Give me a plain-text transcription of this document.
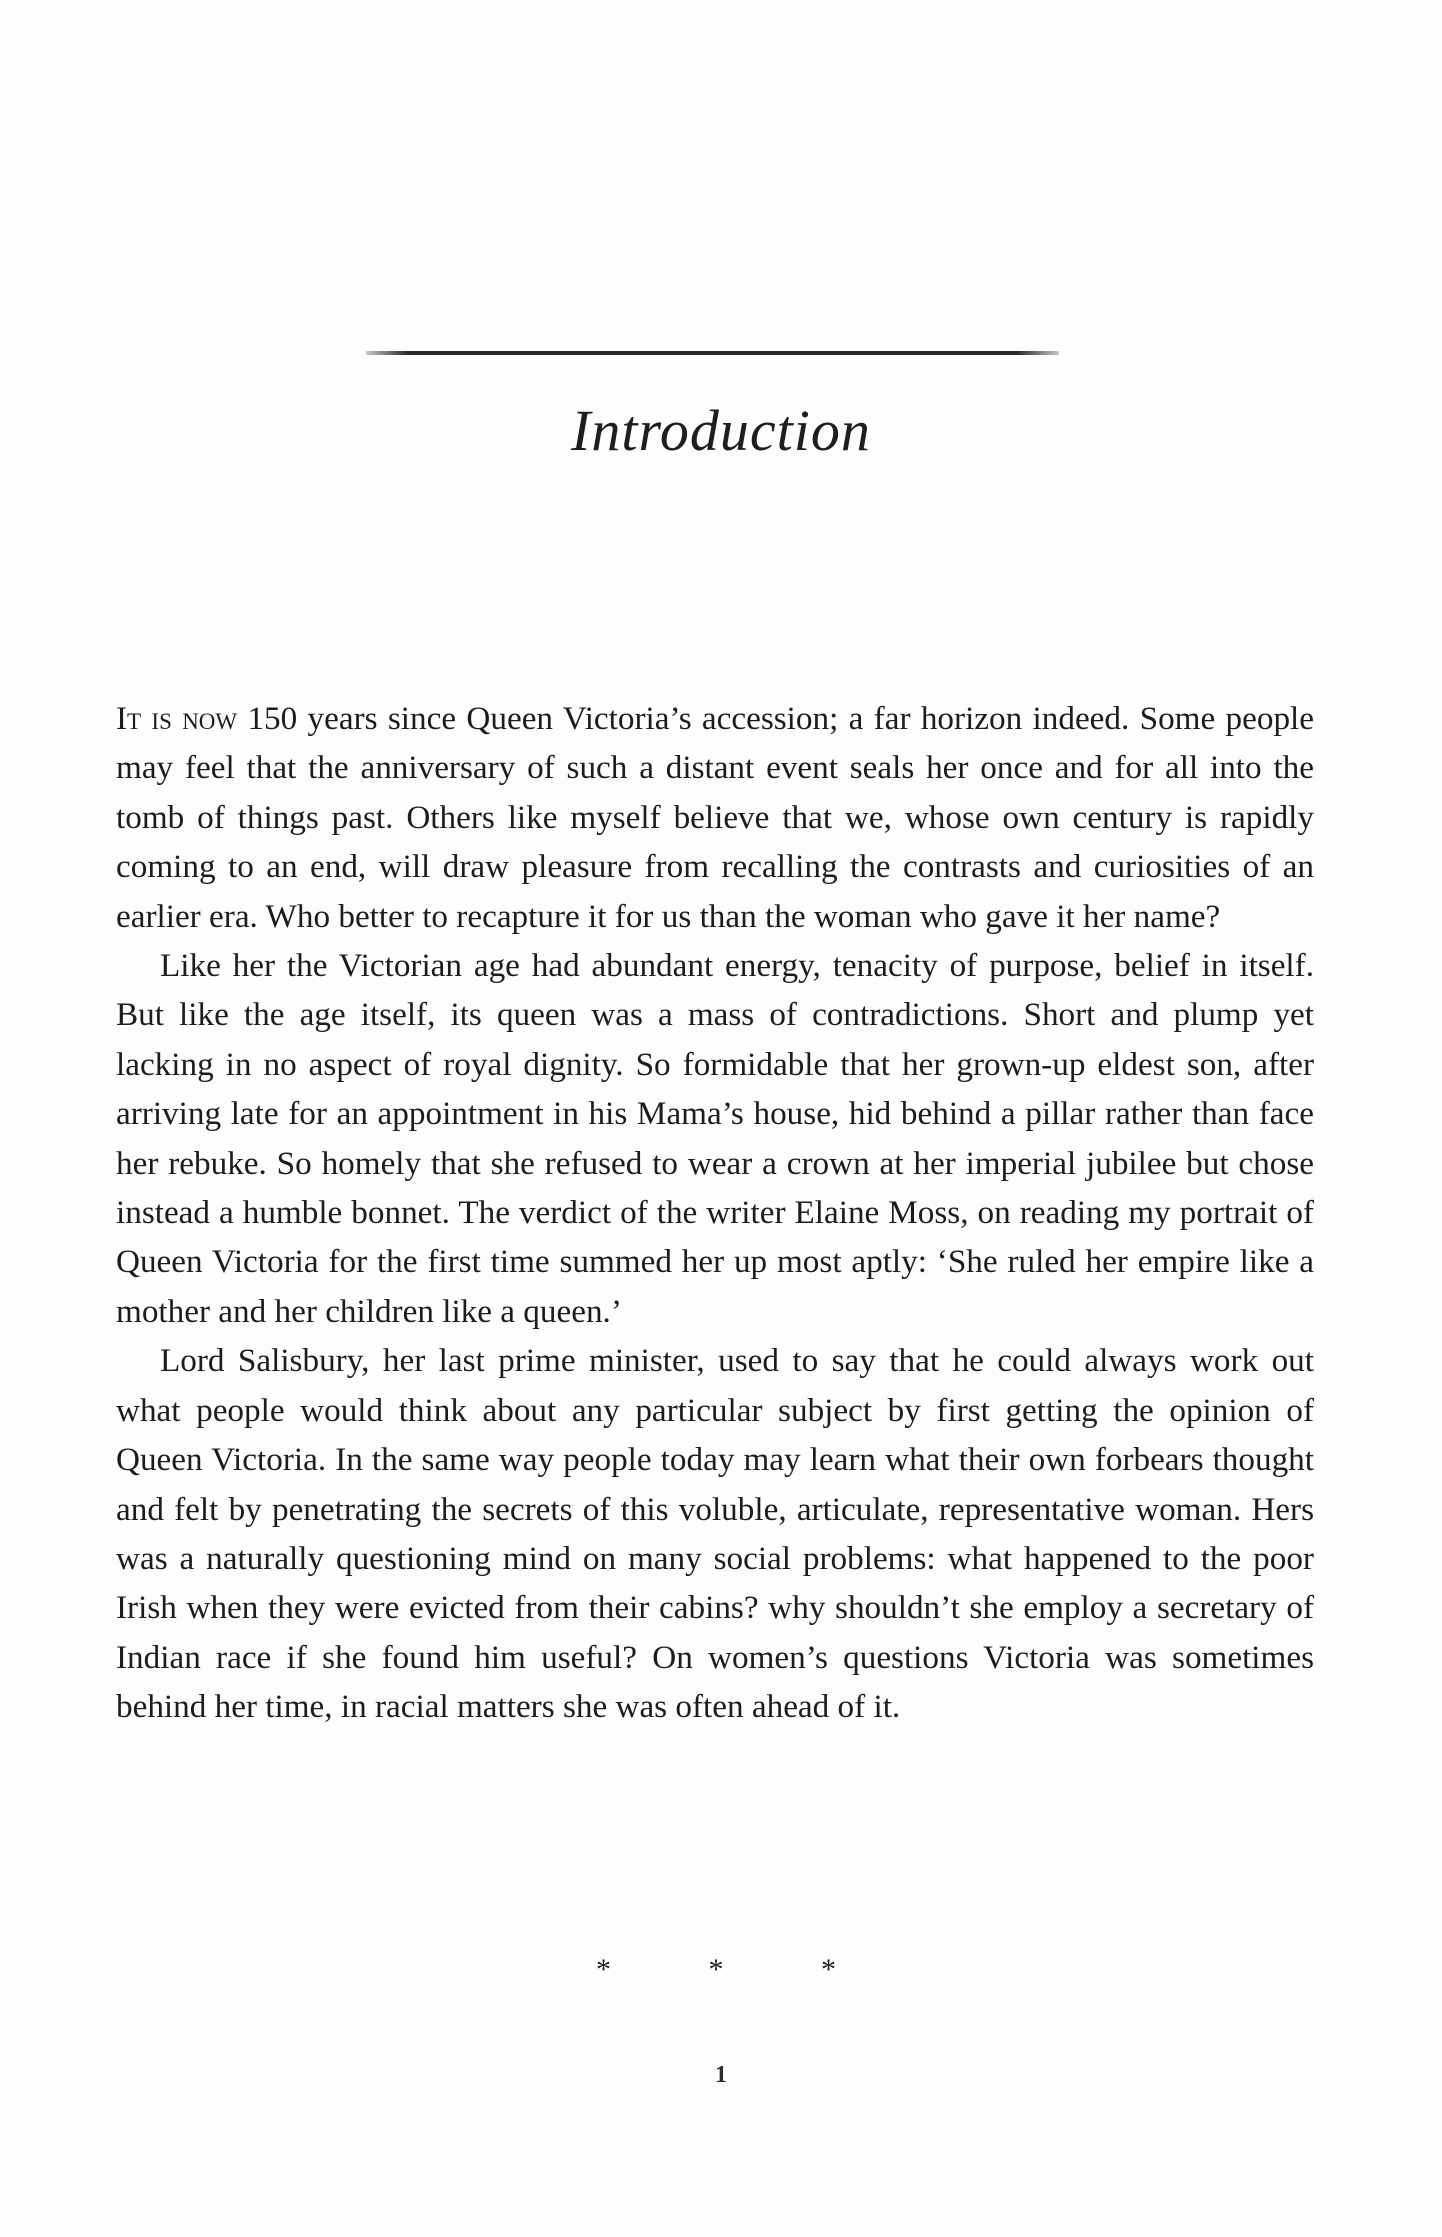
Introduction

It is now 150 years since Queen Victoria’s accession; a far horizon indeed. Some people may feel that the anniversary of such a distant event seals her once and for all into the tomb of things past. Others like myself believe that we, whose own century is rapidly coming to an end, will draw pleasure from recalling the contrasts and curiosities of an earlier era. Who better to recapture it for us than the woman who gave it her name?

Like her the Victorian age had abundant energy, tenacity of purpose, belief in itself. But like the age itself, its queen was a mass of contradictions. Short and plump yet lacking in no aspect of royal dignity. So formidable that her grown-up eldest son, after arriving late for an appointment in his Mama’s house, hid behind a pillar rather than face her rebuke. So homely that she refused to wear a crown at her imperial jubilee but chose instead a humble bonnet. The verdict of the writer Elaine Moss, on reading my portrait of Queen Victoria for the first time summed her up most aptly: ‘She ruled her empire like a mother and her children like a queen.’

Lord Salisbury, her last prime minister, used to say that he could always work out what people would think about any particular subject by first getting the opinion of Queen Victoria. In the same way people today may learn what their own forbears thought and felt by penetrating the secrets of this voluble, articulate, representative woman. Hers was a naturally questioning mind on many social problems: what happened to the poor Irish when they were evicted from their cabins? why shouldn’t she employ a secretary of Indian race if she found him useful? On women’s questions Victoria was sometimes behind her time, in racial matters she was often ahead of it.

*	*	*
1
